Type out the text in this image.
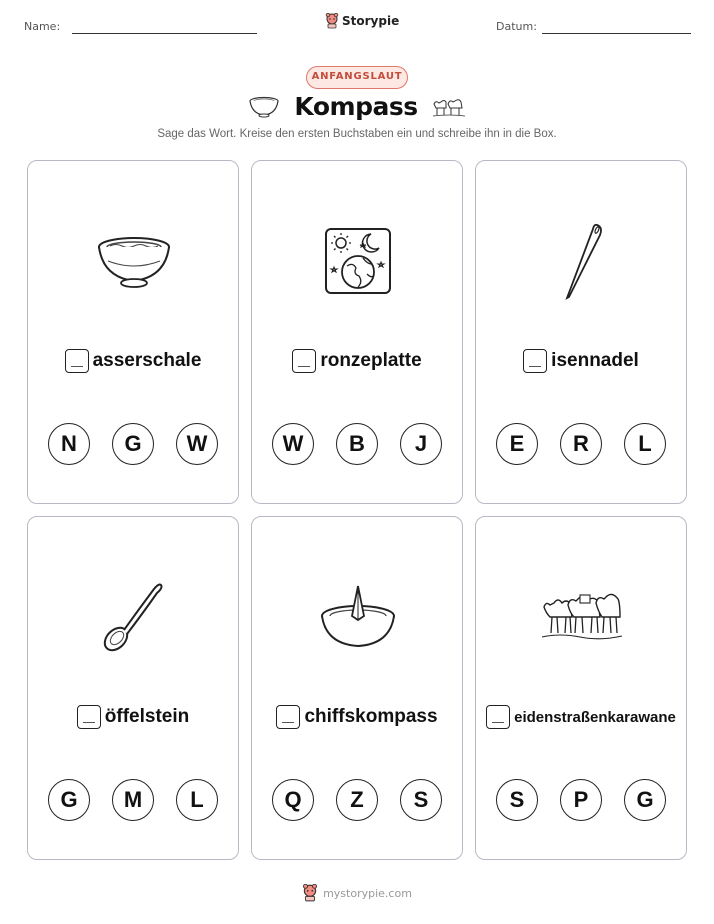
Name:	Storypie	Datum:
ANFANGSLAUT
Kompass
Sage das Wort. Kreise den ersten Buchstaben ein und schreibe ihn in die Box.
asserschale
N	G	W
ronzeplatte
W	B	J
isennadel
E	R	L
öffelstein
G	M	L
chiffskompass
Q	Z	S
eidenstraßenkarawane
S	P	G
mystorypie.com
